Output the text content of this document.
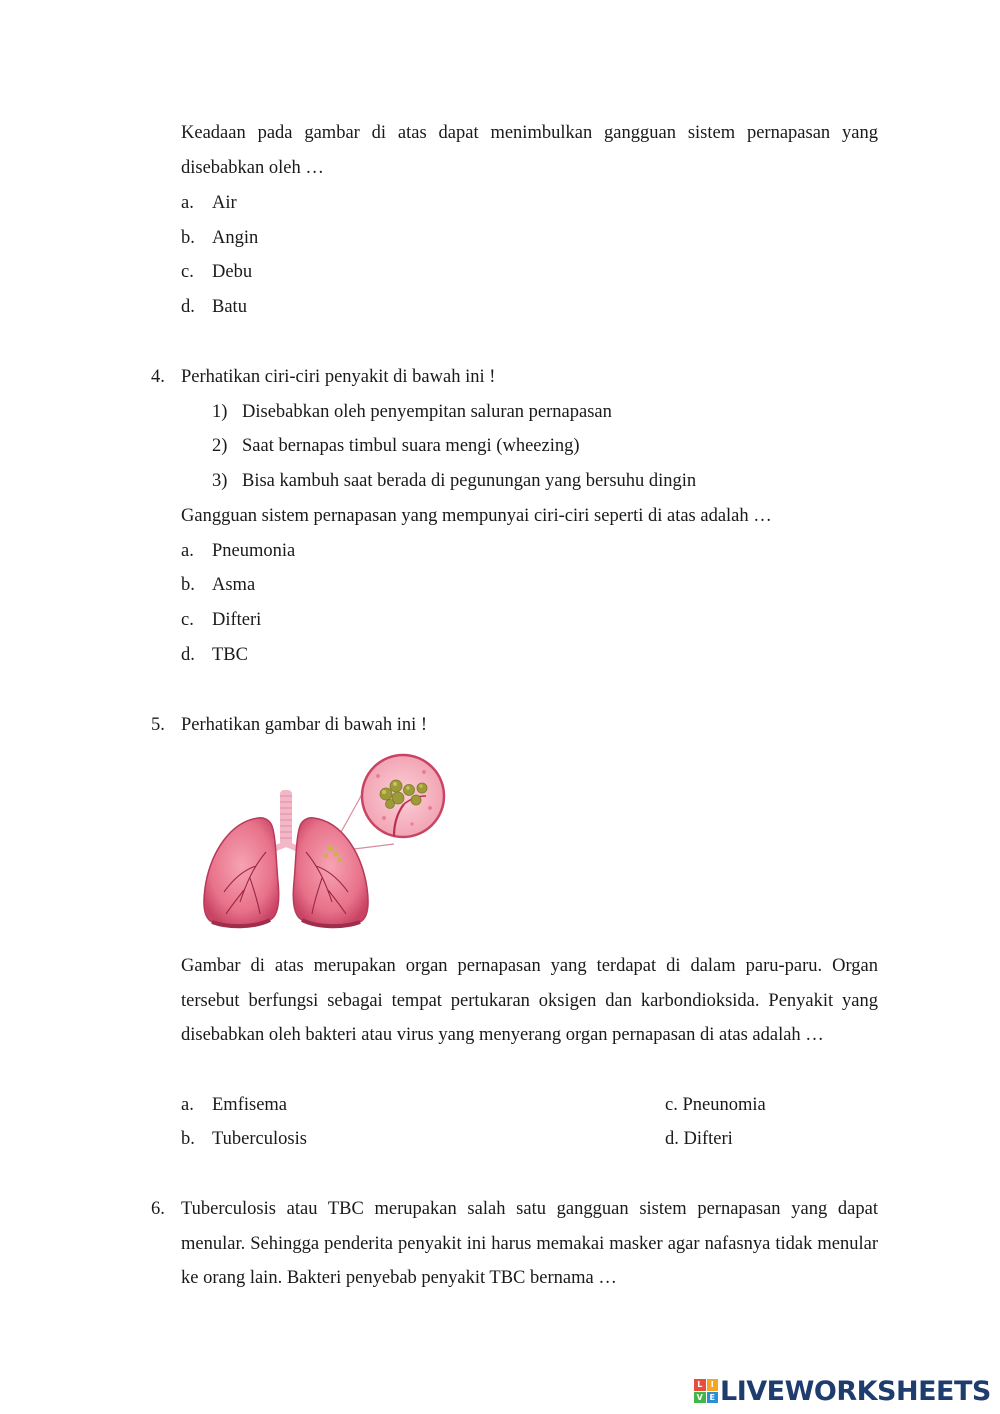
Keadaan pada gambar di atas dapat menimbulkan gangguan sistem pernapasan yang disebabkan oleh …

a. Air
b. Angin
c. Debu
d. Batu
4. Perhatikan ciri-ciri penyakit di bawah ini !
1) Disebabkan oleh penyempitan saluran pernapasan
2) Saat bernapas timbul suara mengi (wheezing)
3) Bisa kambuh saat berada di pegunungan yang bersuhu dingin
Gangguan sistem pernapasan yang mempunyai ciri-ciri seperti di atas adalah …
a. Pneumonia
b. Asma
c. Difteri
d. TBC
5. Perhatikan gambar di bawah ini !

Gambar di atas merupakan organ pernapasan yang terdapat di dalam paru-paru. Organ tersebut berfungsi sebagai tempat pertukaran oksigen dan karbondioksida. Penyakit yang disebabkan oleh bakteri atau virus yang menyerang organ pernapasan di atas adalah …

a. Emfisema
b. Tuberculosis
c. Pneunomia
d. Difteri
6. Tuberculosis atau TBC merupakan salah satu gangguan sistem pernapasan yang dapat menular. Sehingga penderita penyakit ini harus memakai masker agar nafasnya tidak menular ke orang lain. Bakteri penyebab penyakit TBC bernama …

L	I
V E LIVEWORKSHEETS
